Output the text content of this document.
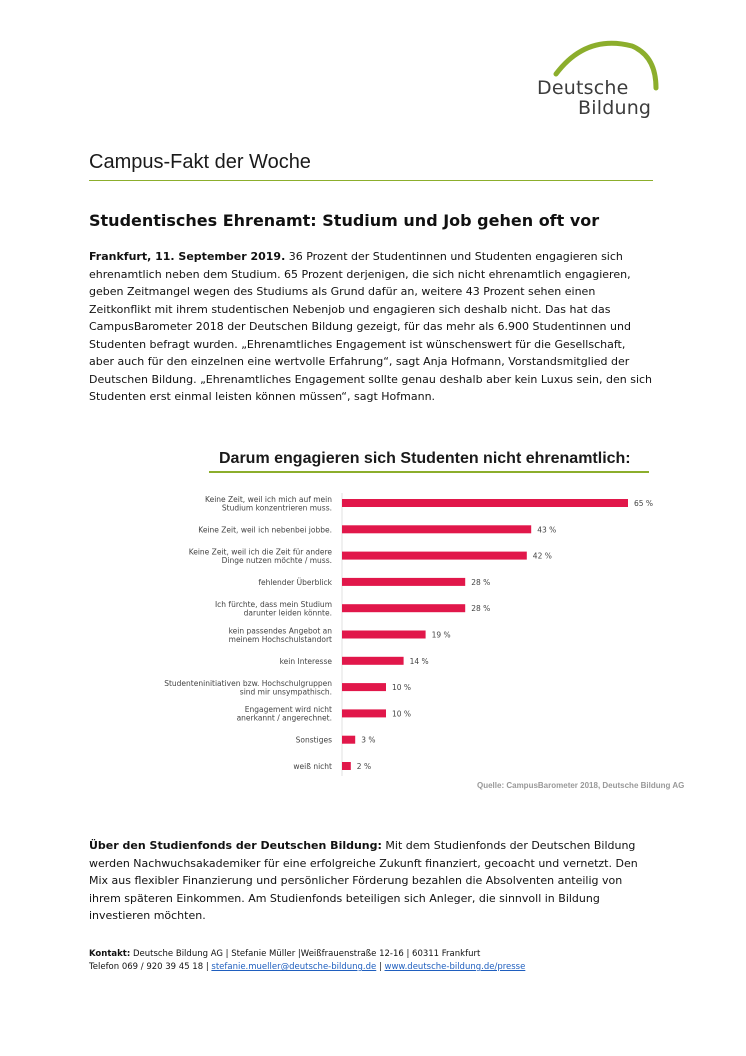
Deutsche
Bildung
Campus-Fakt der Woche
Studentisches Ehrenamt: Studium und Job gehen oft vor
Frankfurt, 11. September 2019. 36 Prozent der Studentinnen und Studenten engagieren sich
ehrenamtlich neben dem Studium. 65 Prozent derjenigen, die sich nicht ehrenamtlich engagieren,
geben Zeitmangel wegen des Studiums als Grund dafür an, weitere 43 Prozent sehen einen
Zeitkonflikt mit ihrem studentischen Nebenjob und engagieren sich deshalb nicht. Das hat das
CampusBarometer 2018 der Deutschen Bildung gezeigt, für das mehr als 6.900 Studentinnen und
Studenten befragt wurden. „Ehrenamtliches Engagement ist wünschenswert für die Gesellschaft,
aber auch für den einzelnen eine wertvolle Erfahrung“, sagt Anja Hofmann, Vorstandsmitglied der
Deutschen Bildung. „Ehrenamtliches Engagement sollte genau deshalb aber kein Luxus sein, den sich
Studenten erst einmal leisten können müssen“, sagt Hofmann.
Darum engagieren sich Studenten nicht ehrenamtlich:
65 %
Keine Zeit, weil ich mich auf mein
Studium konzentrieren muss.
43 %
Keine Zeit, weil ich nebenbei jobbe.
42 %
Keine Zeit, weil ich die Zeit für andere
Dinge nutzen möchte / muss.
28 %
fehlender Überblick
28 %
Ich fürchte, dass mein Studium
darunter leiden könnte.
19 %
kein passendes Angebot an
meinem Hochschulstandort
14 %
kein Interesse
10 %
Studenteninitiativen bzw. Hochschulgruppen
sind mir unsympathisch.
10 %
Engagement wird nicht
anerkannt / angerechnet.
3 %
Sonstiges
2 %
weiß nicht
Quelle: CampusBarometer 2018, Deutsche Bildung AG
Über den Studienfonds der Deutschen Bildung: Mit dem Studienfonds der Deutschen Bildung
werden Nachwuchsakademiker für eine erfolgreiche Zukunft finanziert, gecoacht und vernetzt. Den
Mix aus flexibler Finanzierung und persönlicher Förderung bezahlen die Absolventen anteilig von
ihrem späteren Einkommen. Am Studienfonds beteiligen sich Anleger, die sinnvoll in Bildung
investieren möchten.
Kontakt: Deutsche Bildung AG | Stefanie Müller |Weißfrauenstraße 12-16 | 60311 Frankfurt
Telefon 069 / 920 39 45 18 | stefanie.mueller@deutsche-bildung.de | www.deutsche-bildung.de/presse
